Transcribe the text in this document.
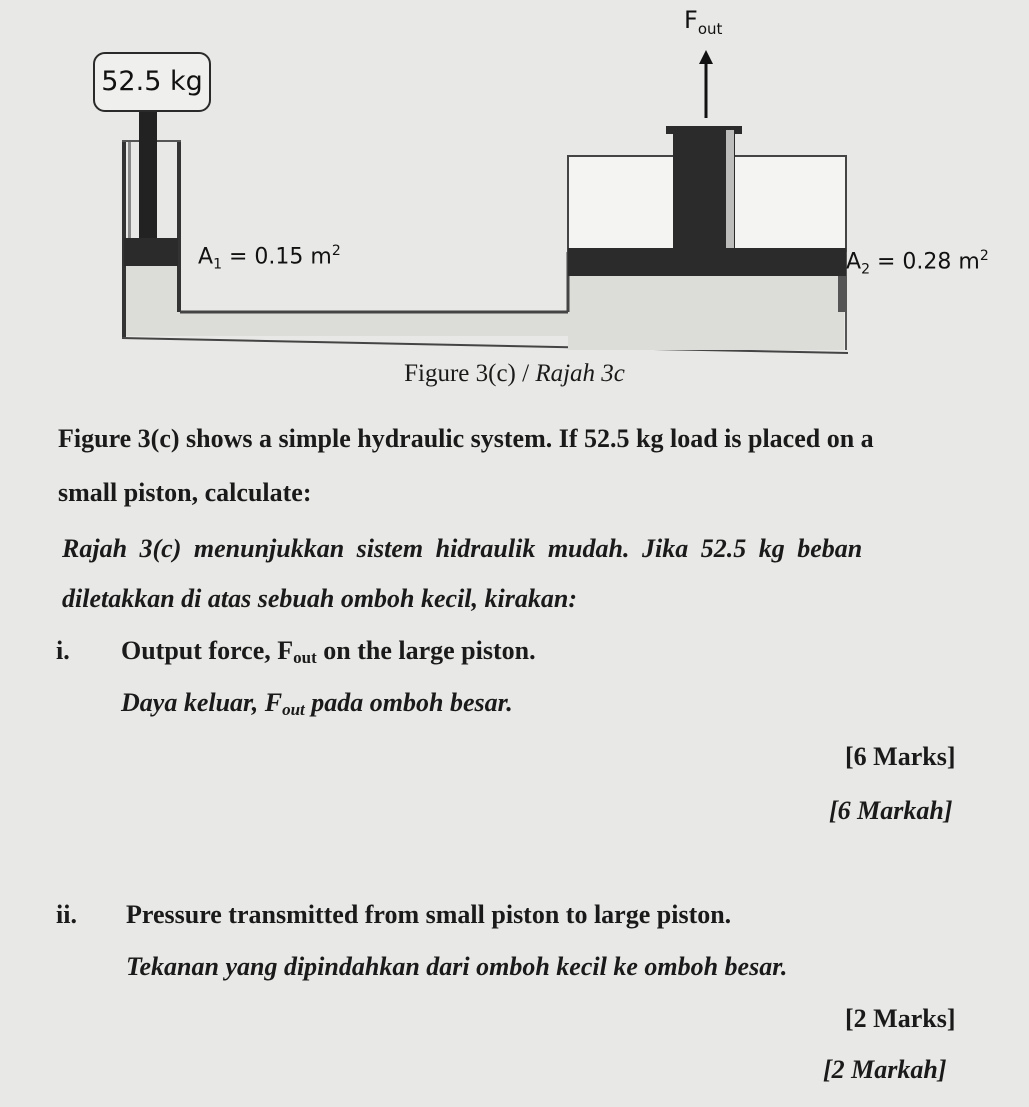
52.5 kg
$F_{out}$
$A_1 = 0.15$ $m^2$	$A_2 = 0.28$ $m^2$
Figure 3(c) / Rajah 3c
Figure 3(c) shows a simple hydraulic system. If 52.5 kg load is placed on a
small piston, calculate:
Rajah 3(c) menunjukkan sistem hidraulik mudah. Jika 52.5 kg beban
diletakkan di atas sebuah omboh kecil, kirakan:
i. Output force, Fout on the large piston.
Daya keluar, Fout pada omboh besar.
[6 Marks]
[6 Markah]
ii. Pressure transmitted from small piston to large piston.
Tekanan yang dipindahkan dari omboh kecil ke omboh besar.
[2 Marks]
[2 Markah]
